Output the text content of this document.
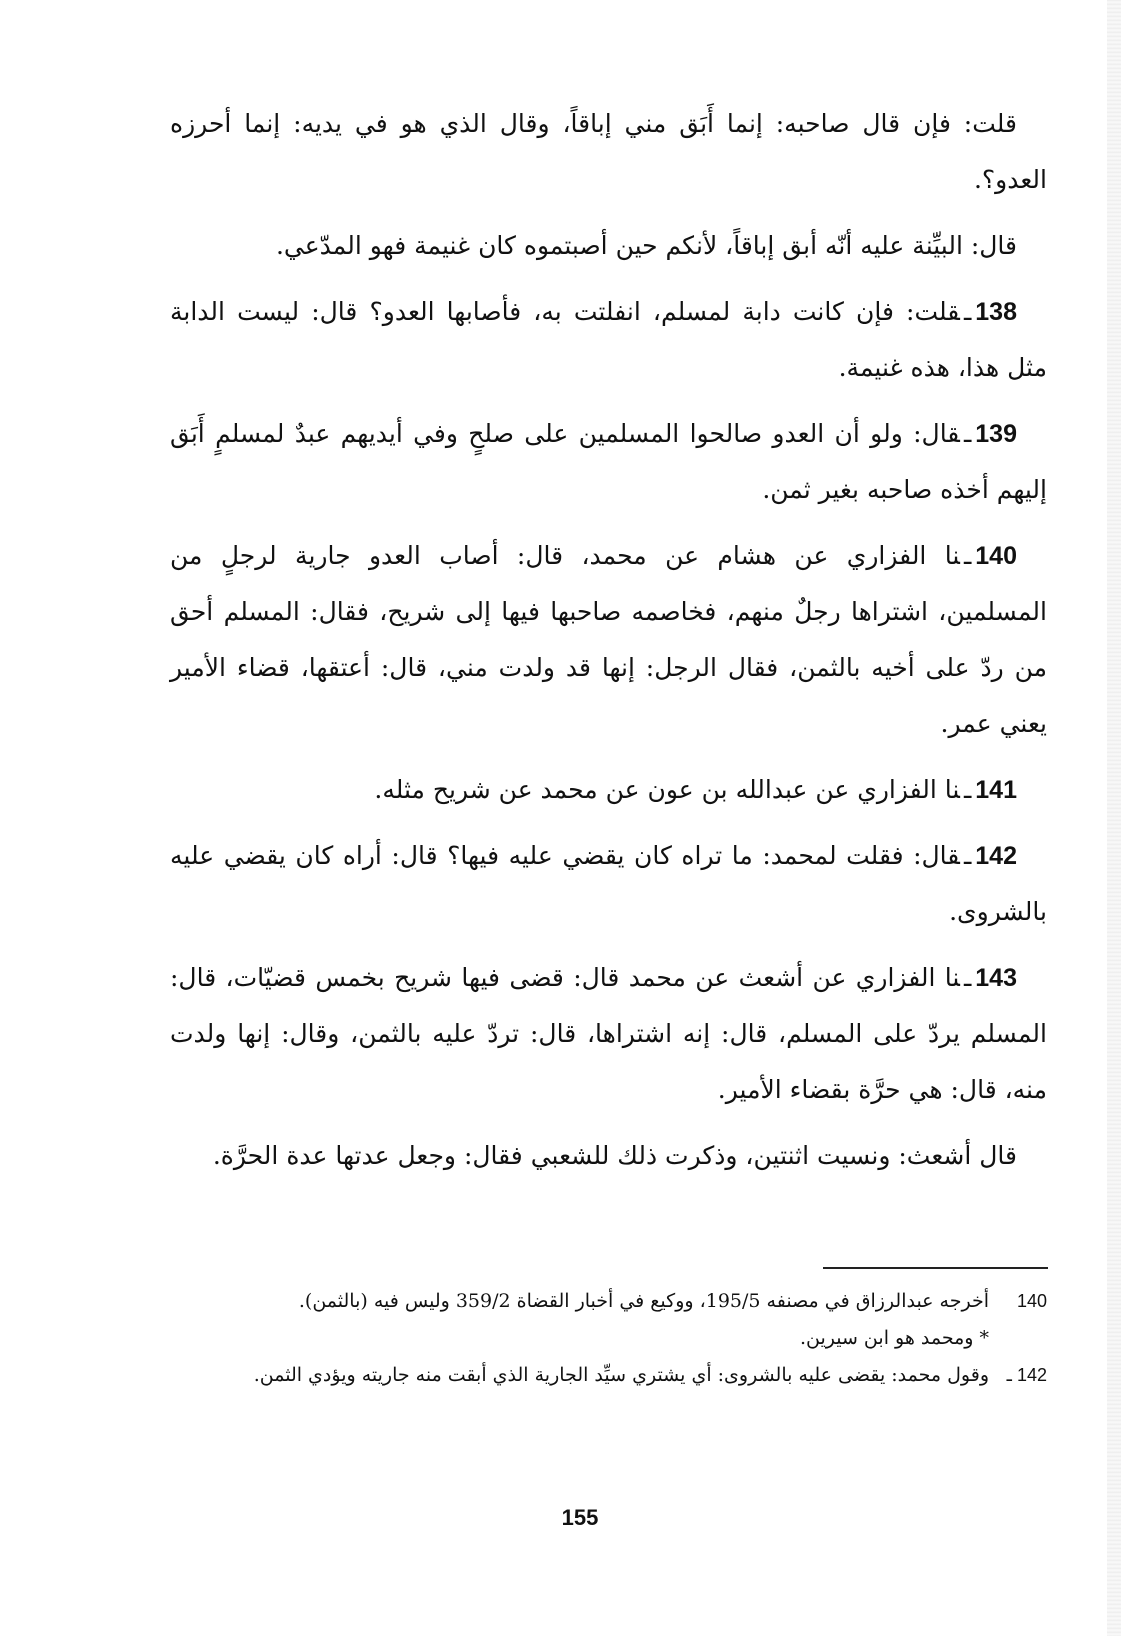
قلت: فإن قال صاحبه: إنما أَبَق مني إباقاً، وقال الذي هو في يديه: إنما أحرزه العدو؟.

قال: البيِّنة عليه أنّه أبق إباقاً، لأنكم حين أصبتموه كان غنيمة فهو المدّعي.

138ـقلت: فإن كانت دابة لمسلم، انفلتت به، فأصابها العدو؟ قال: ليست الدابة مثل هذا، هذه غنيمة.

139ـقال: ولو أن العدو صالحوا المسلمين على صلحٍ وفي أيديهم عبدٌ لمسلمٍ أَبَق إليهم أخذه صاحبه بغير ثمن.

140ـنا الفزاري عن هشام عن محمد، قال: أصاب العدو جارية لرجلٍ من المسلمين، اشتراها رجلٌ منهم، فخاصمه صاحبها فيها إلى شريح، فقال: المسلم أحق من ردّ على أخيه بالثمن، فقال الرجل: إنها قد ولدت مني، قال: أعتقها، قضاء الأمير يعني عمر.

141ـنا الفزاري عن عبدالله بن عون عن محمد عن شريح مثله.

142ـقال: فقلت لمحمد: ما تراه كان يقضي عليه فيها؟ قال: أراه كان يقضي عليه بالشروى.

143ـنا الفزاري عن أشعث عن محمد قال: قضى فيها شريح بخمس قضيّات، قال: المسلم يردّ على المسلم، قال: إنه اشتراها، قال: تردّ عليه بالثمن، وقال: إنها ولدت منه، قال: هي حرَّة بقضاء الأمير.

قال أشعث: ونسيت اثنتين، وذكرت ذلك للشعبي فقال: وجعل عدتها عدة الحرَّة.

140
أخرجه عبدالرزاق في مصنفه 195/5، ووكيع في أخبار القضاة 359/2 وليس فيه (بالثمن).
* ومحمد هو ابن سيرين.
142 ـ
وقول محمد: يقضى عليه بالشروى: أي يشتري سيِّد الجارية الذي أبقت منه جاريته ويؤدي الثمن.
155
